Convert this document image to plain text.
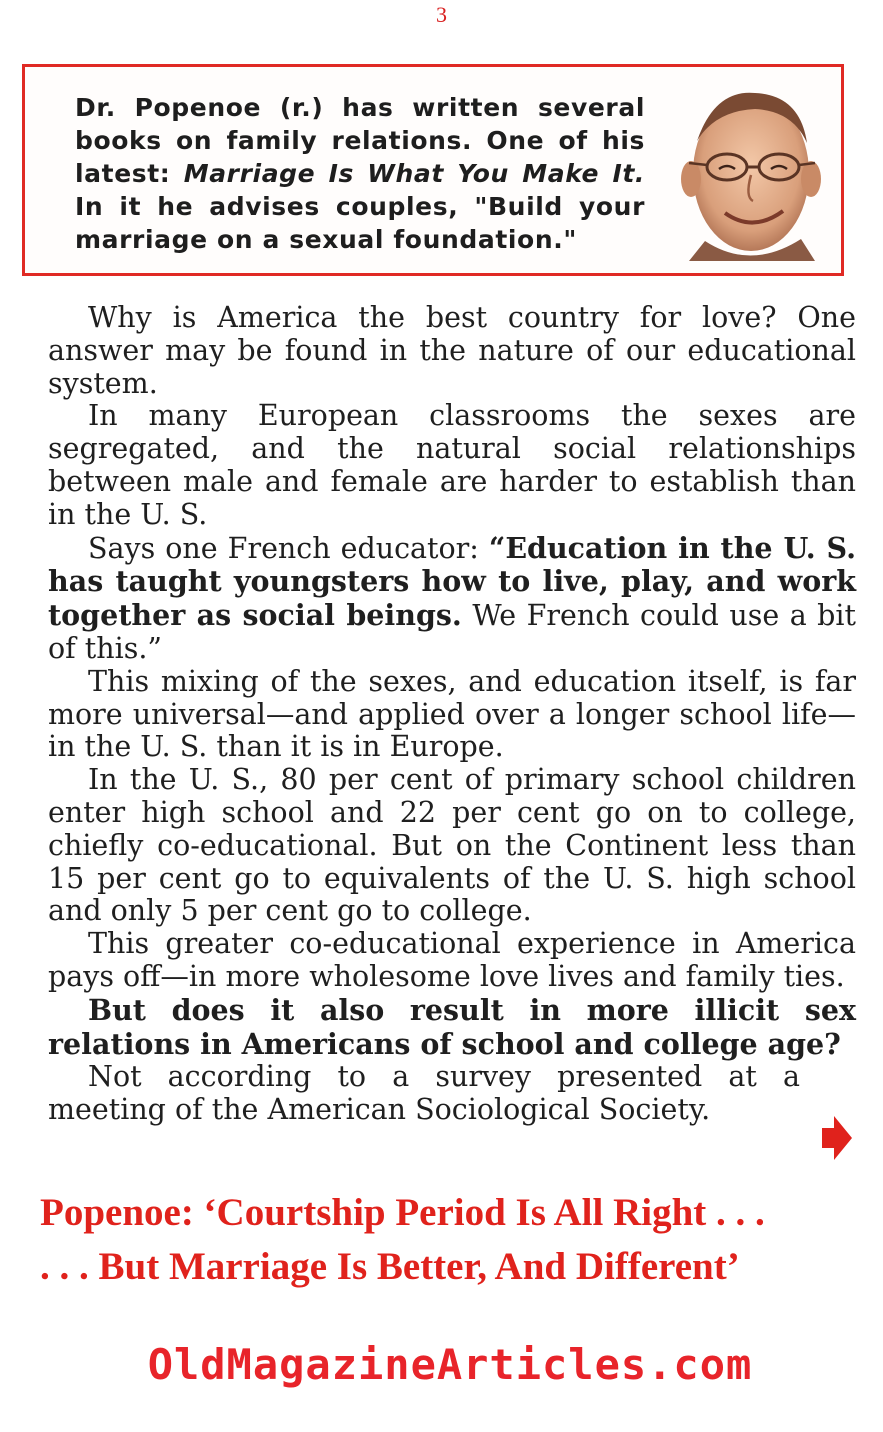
3
Dr. Popenoe (r.) has written several books on family relations. One of his latest: Marriage Is What You Make It. In it he advises couples, "Build your marriage on a sexual foundation."

Why is America the best country for love? One answer may be found in the nature of our educational system.

In many European classrooms the sexes are segregated, and the natural social relationships between male and female are harder to establish than in the U. S.

Says one French educator: “Education in the U. S. has taught youngsters how to live, play, and work together as social beings. We French could use a bit of this.”

This mixing of the sexes, and education itself, is far more universal—and applied over a longer school life—in the U. S. than it is in Europe.

In the U. S., 80 per cent of primary school children enter high school and 22 per cent go on to college, chiefly co-educational. But on the Continent less than 15 per cent go to equivalents of the U. S. high school and only 5 per cent go to college.

This greater co-educational experience in America pays off—in more wholesome love lives and family ties.

But does it also result in more illicit sex relations in Americans of school and college age?

Not according to a survey presented at a meeting of the American Sociological Society.

Popenoe: ‘Courtship Period Is All Right . . .
. . . But Marriage Is Better, And Different’
OldMagazineArticles.com
